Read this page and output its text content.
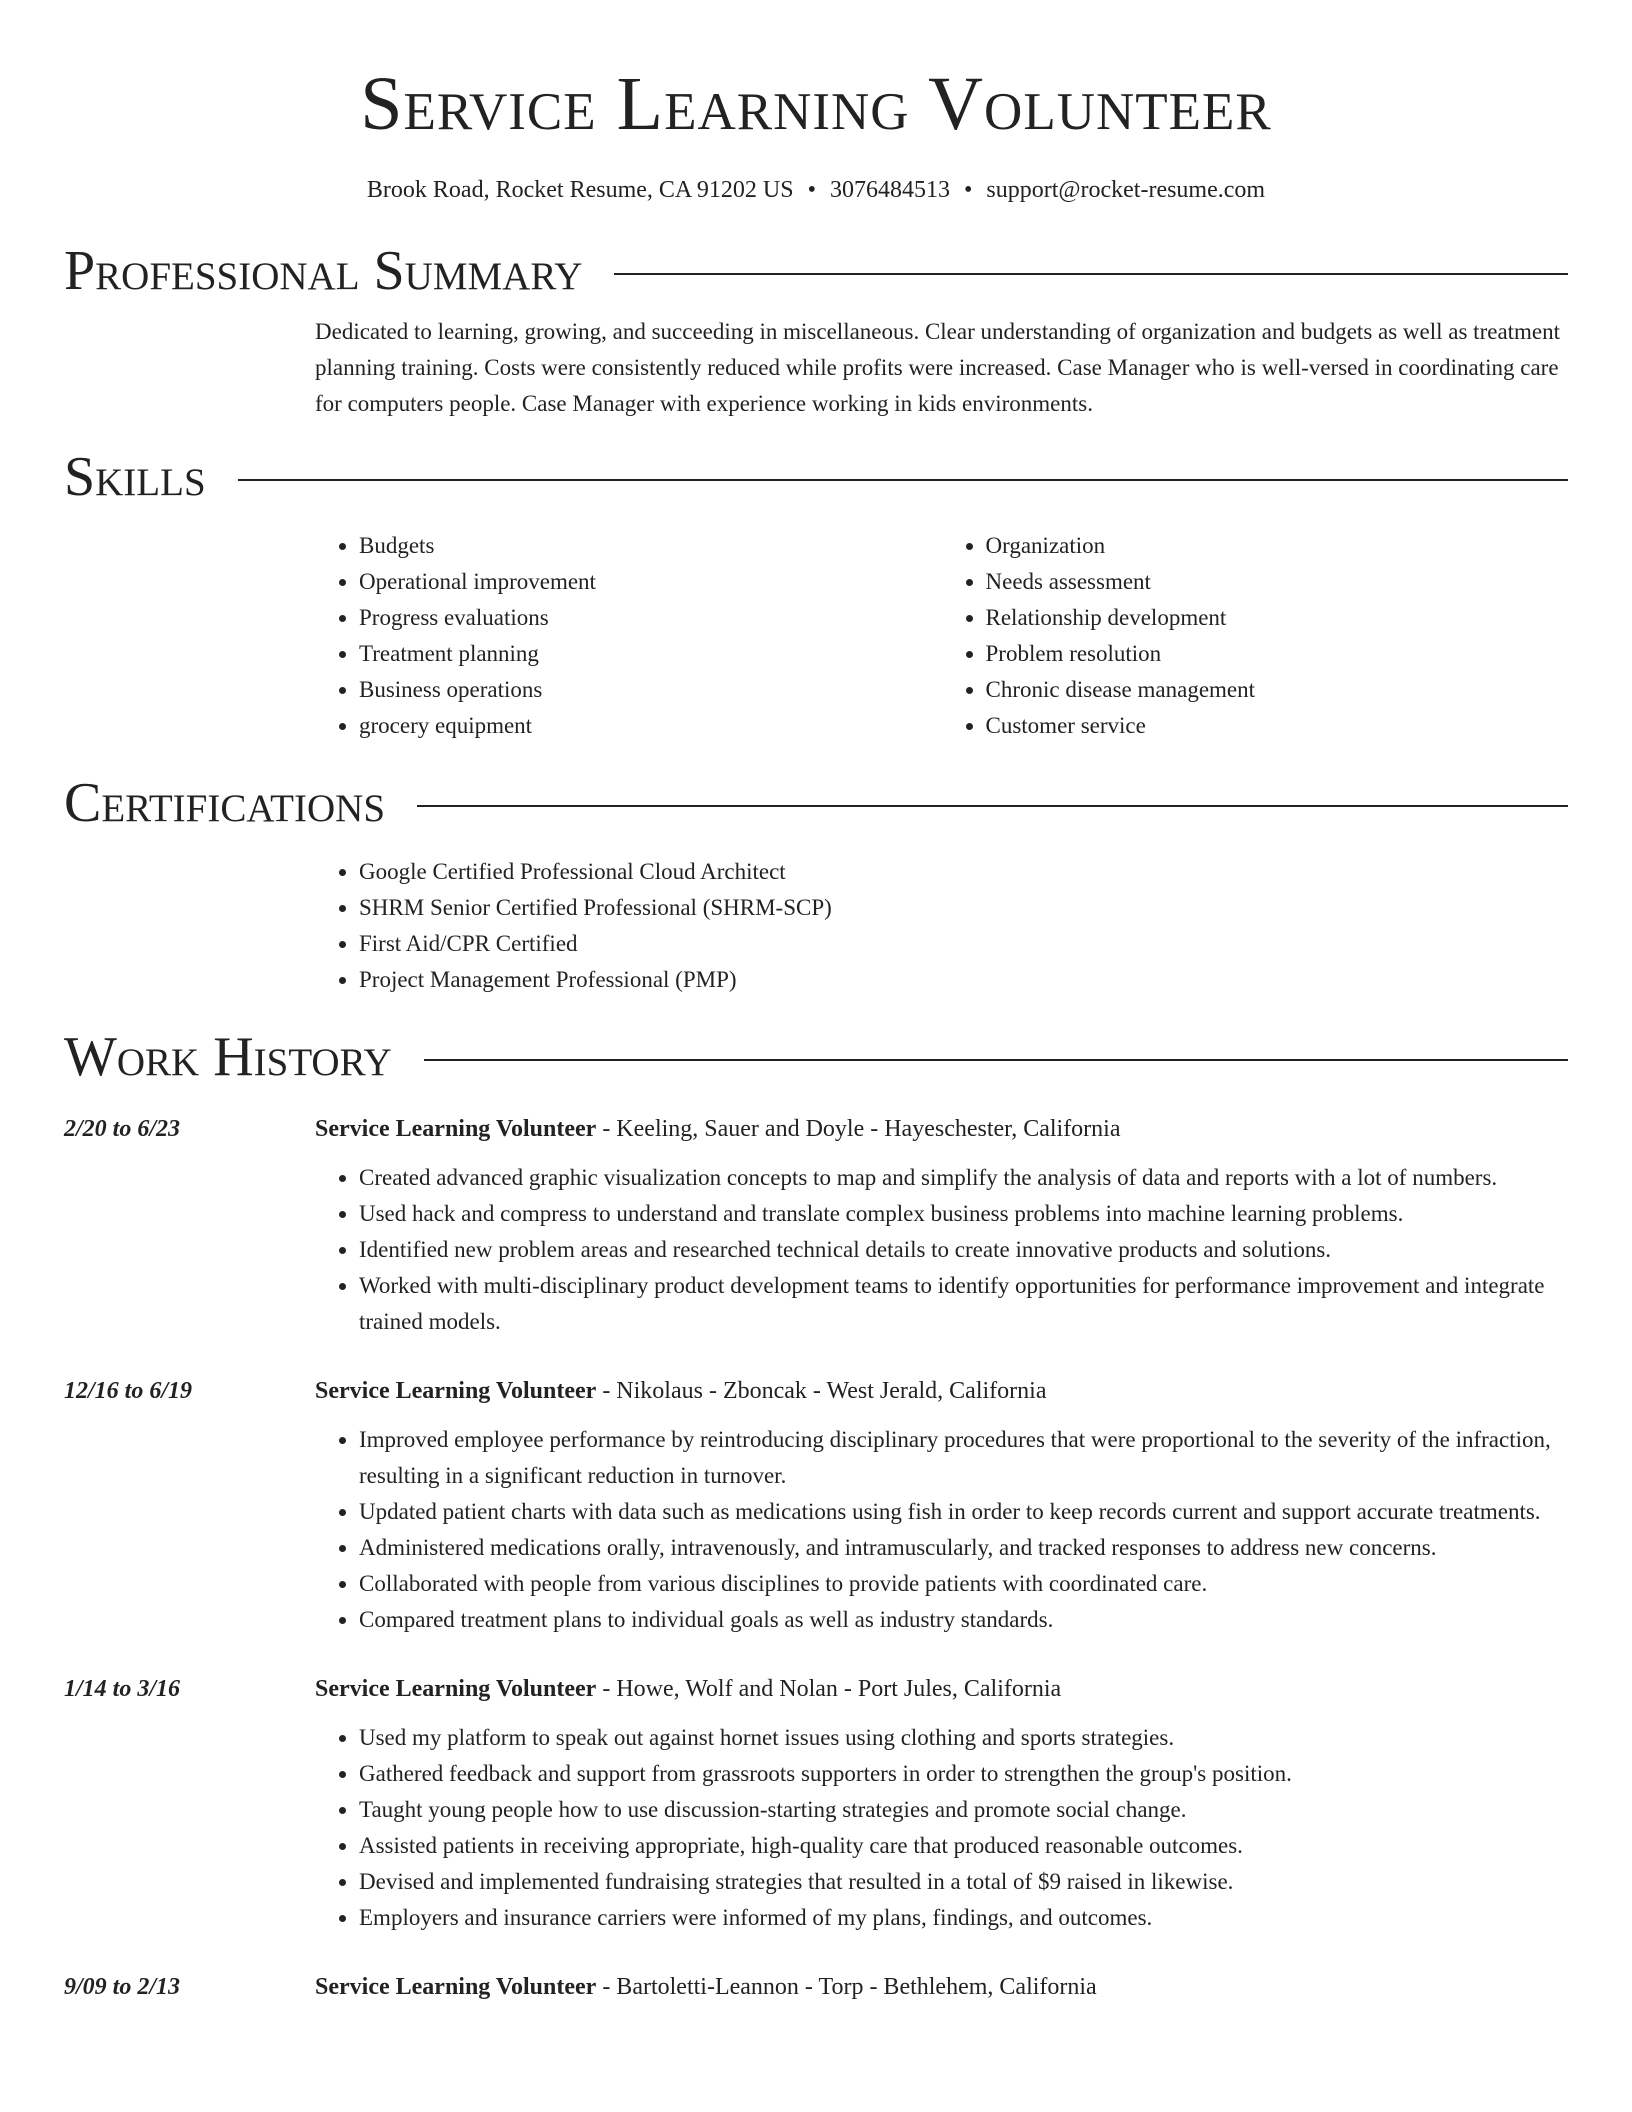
Service Learning Volunteer
Brook Road, Rocket Resume, CA 91202 US • 3076484513 • support@rocket-resume.com
Professional Summary
Dedicated to learning, growing, and succeeding in miscellaneous. Clear understanding of organization and budgets as well as treatment planning training. Costs were consistently reduced while profits were increased. Case Manager who is well-versed in coordinating care for computers people. Case Manager with experience working in kids environments.
Skills
• Budgets
• Operational improvement
• Progress evaluations
• Treatment planning
• Business operations
• grocery equipment
• Organization
• Needs assessment
• Relationship development
• Problem resolution
• Chronic disease management
• Customer service
Certifications
• Google Certified Professional Cloud Architect
• SHRM Senior Certified Professional (SHRM-SCP)
• First Aid/CPR Certified
• Project Management Professional (PMP)
Work History
2/20 to 6/23	Service Learning Volunteer - Keeling, Sauer and Doyle - Hayeschester, California
• Created advanced graphic visualization concepts to map and simplify the analysis of data and reports with a lot of numbers.
• Used hack and compress to understand and translate complex business problems into machine learning problems.
• Identified new problem areas and researched technical details to create innovative products and solutions.
• Worked with multi-disciplinary product development teams to identify opportunities for performance improvement and integrate trained models.
12/16 to 6/19	Service Learning Volunteer - Nikolaus - Zboncak - West Jerald, California
• Improved employee performance by reintroducing disciplinary procedures that were proportional to the severity of the infraction, resulting in a significant reduction in turnover.
• Updated patient charts with data such as medications using fish in order to keep records current and support accurate treatments.
• Administered medications orally, intravenously, and intramuscularly, and tracked responses to address new concerns.
• Collaborated with people from various disciplines to provide patients with coordinated care.
• Compared treatment plans to individual goals as well as industry standards.
1/14 to 3/16	Service Learning Volunteer - Howe, Wolf and Nolan - Port Jules, California
• Used my platform to speak out against hornet issues using clothing and sports strategies.
• Gathered feedback and support from grassroots supporters in order to strengthen the group's position.
• Taught young people how to use discussion-starting strategies and promote social change.
• Assisted patients in receiving appropriate, high-quality care that produced reasonable outcomes.
• Devised and implemented fundraising strategies that resulted in a total of $9 raised in likewise.
• Employers and insurance carriers were informed of my plans, findings, and outcomes.
9/09 to 2/13	Service Learning Volunteer - Bartoletti-Leannon - Torp - Bethlehem, California
